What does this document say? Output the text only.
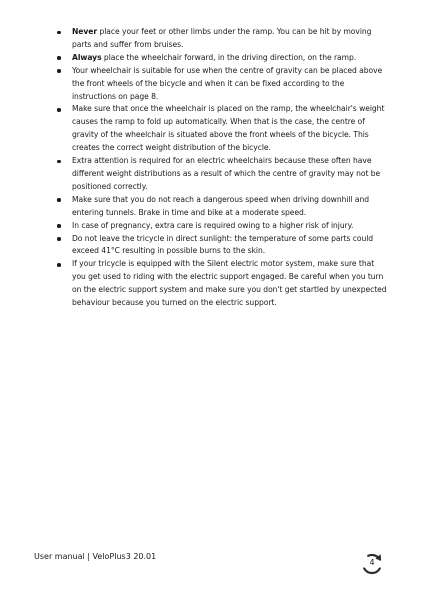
Never place your feet or other limbs under the ramp. You can be hit by moving parts and suffer from bruises.
Always place the wheelchair forward, in the driving direction, on the ramp.
Your wheelchair is suitable for use when the centre of gravity can be placed above the front wheels of the bicycle and when it can be fixed according to the instructions on page 8.
Make sure that once the wheelchair is placed on the ramp, the wheelchair's weight causes the ramp to fold up automatically. When that is the case, the centre of gravity of the wheelchair is situated above the front wheels of the bicycle. This creates the correct weight distribution of the bicycle.
Extra attention is required for an electric wheelchairs because these often have different weight distributions as a result of which the centre of gravity may not be positioned correctly.
Make sure that you do not reach a dangerous speed when driving downhill and entering tunnels. Brake in time and bike at a moderate speed.
In case of pregnancy, extra care is required owing to a higher risk of injury.
Do not leave the tricycle in direct sunlight: the temperature of some parts could exceed 41°C resulting in possible burns to the skin.
If your tricycle is equipped with the Silent electric motor system, make sure that you get used to riding with the electric support engaged. Be careful when you turn on the electric support system and make sure you don't get startled by unexpected behaviour because you turned on the electric support.
User manual | VeloPlus3 20.01
4
